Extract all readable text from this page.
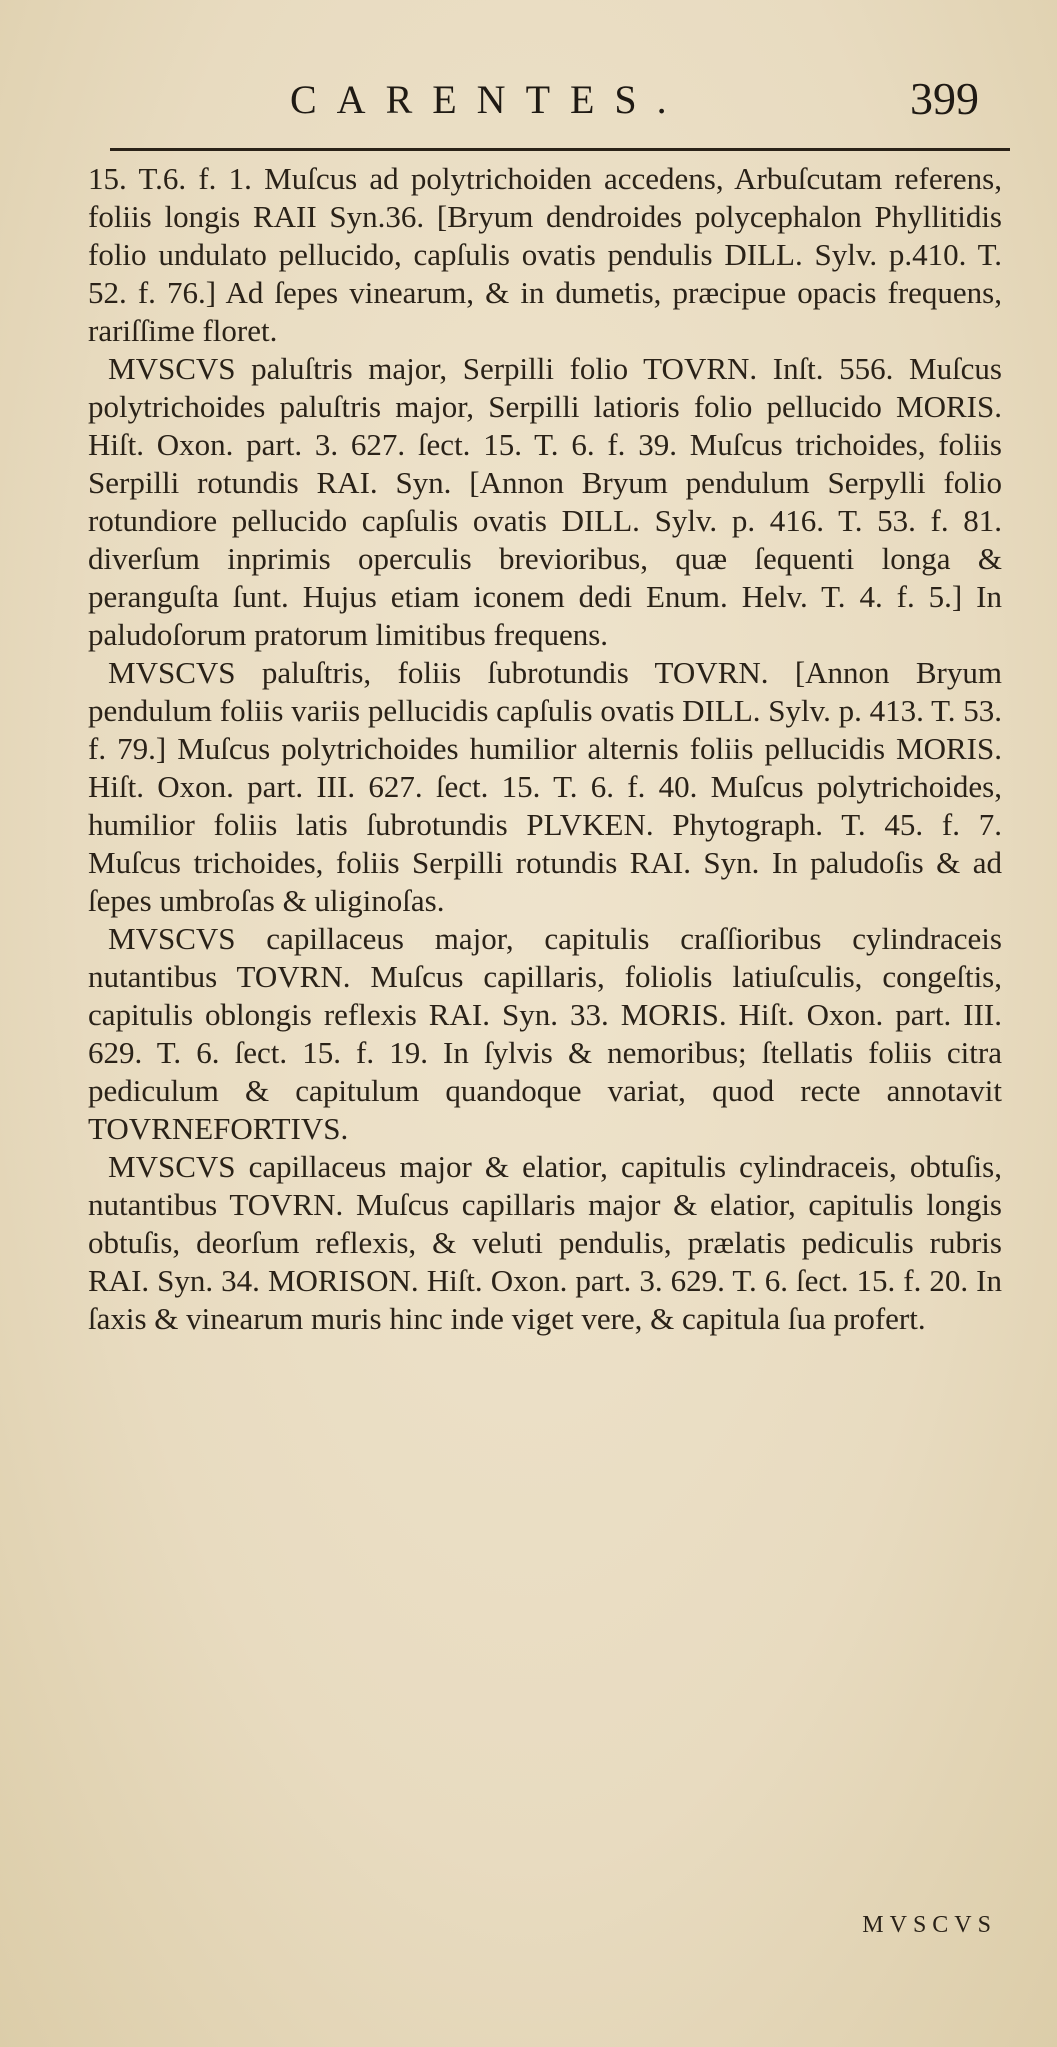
CARENTES.	399

15. T.6. f. 1. Muſcus ad polytrichoiden accedens, Arbuſcutam referens, foliis longis RAII Syn.36. [Bryum dendroides polycephalon Phyllitidis folio undulato pellucido, capſulis ovatis pendulis DILL. Sylv. p.410. T. 52. f. 76.] Ad ſepes vinearum, & in dumetis, præcipue opacis frequens, rariſſime floret.

MVSCVS paluſtris major, Serpilli folio TOVRN. Inſt. 556. Muſcus polytrichoides paluſtris major, Serpilli latioris folio pellucido MORIS. Hiſt. Oxon. part. 3. 627. ſect. 15. T. 6. f. 39. Muſcus trichoides, foliis Serpilli rotundis RAI. Syn. [Annon Bryum pendulum Serpylli folio rotundiore pellucido capſulis ovatis DILL. Sylv. p. 416. T. 53. f. 81. diverſum inprimis operculis brevioribus, quæ ſequenti longa & peranguſta ſunt. Hujus etiam iconem dedi Enum. Helv. T. 4. f. 5.] In paludoſorum pratorum limitibus frequens.

MVSCVS paluſtris, foliis ſubrotundis TOVRN. [Annon Bryum pendulum foliis variis pellucidis capſulis ovatis DILL. Sylv. p. 413. T. 53. f. 79.] Muſcus polytrichoides humilior alternis foliis pellucidis MORIS. Hiſt. Oxon. part. III. 627. ſect. 15. T. 6. f. 40. Muſcus polytrichoides, humilior foliis latis ſubrotundis PLVKEN. Phytograph. T. 45. f. 7. Muſcus trichoides, foliis Serpilli rotundis RAI. Syn. In paludoſis & ad ſepes umbroſas & uliginoſas.

MVSCVS capillaceus major, capitulis craſſioribus cylindraceis nutantibus TOVRN. Muſcus capillaris, foliolis latiuſculis, congeſtis, capitulis oblongis reflexis RAI. Syn. 33. MORIS. Hiſt. Oxon. part. III. 629. T. 6. ſect. 15. f. 19. In ſylvis & nemoribus; ſtellatis foliis citra pediculum & capitulum quandoque variat, quod recte annotavit TOVRNEFORTIVS.

MVSCVS capillaceus major & elatior, capitulis cylindraceis, obtuſis, nutantibus TOVRN. Muſcus capillaris major & elatior, capitulis longis obtuſis, deorſum reflexis, & veluti pendulis, prælatis pediculis rubris RAI. Syn. 34. MORISON. Hiſt. Oxon. part. 3. 629. T. 6. ſect. 15. f. 20. In ſaxis & vinearum muris hinc inde viget vere, & capitula ſua profert.

MVSCVS
